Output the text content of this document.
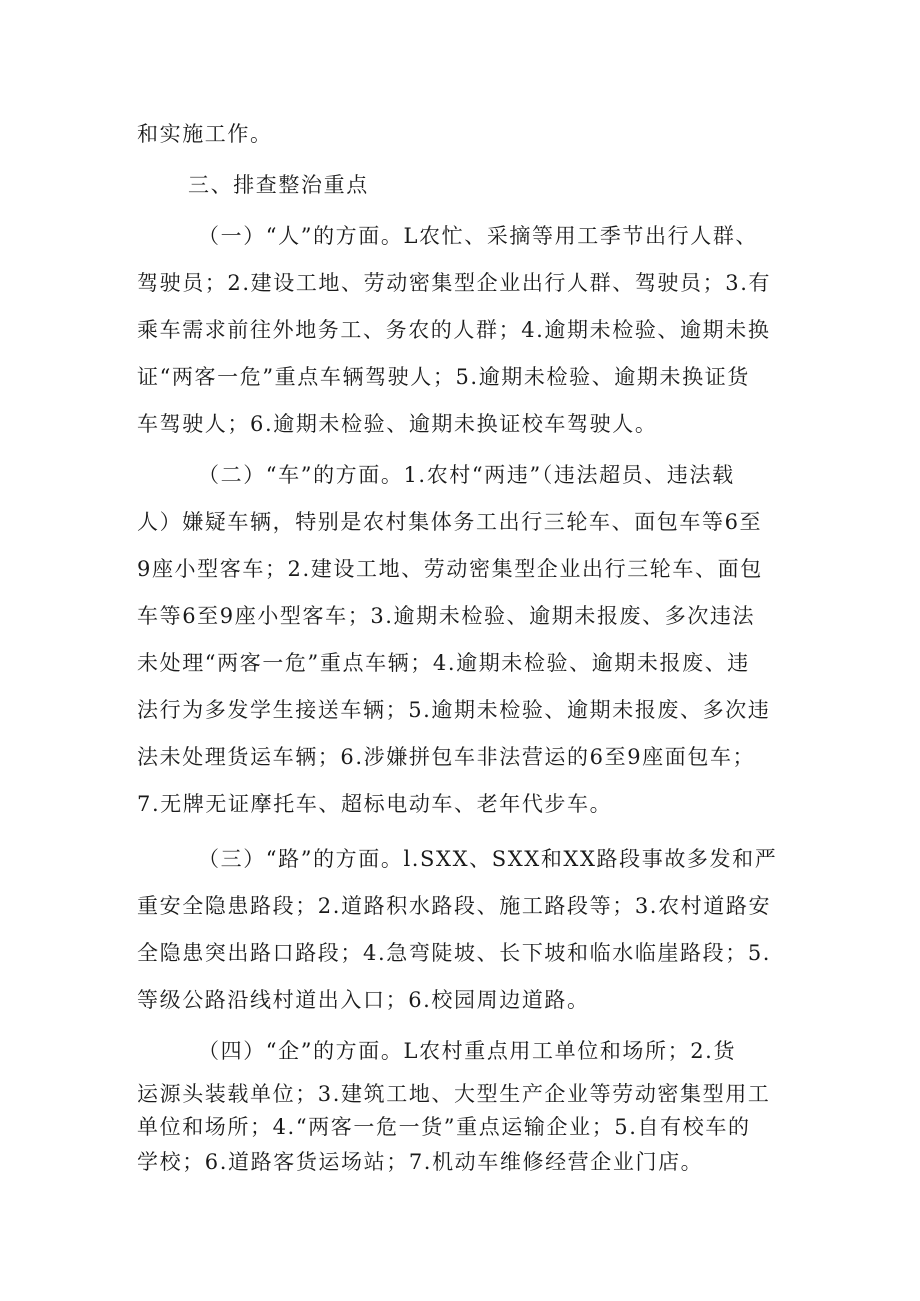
和实施工作。
三、排查整治重点
（一）“人”的方面。L农忙、采摘等用工季节出行人群、
驾驶员；2.建设工地、劳动密集型企业出行人群、驾驶员；3.有
乘车需求前往外地务工、务农的人群；4.逾期未检验、逾期未换
证“两客一危”重点车辆驾驶人；5.逾期未检验、逾期未换证货
车驾驶人；6.逾期未检验、逾期未换证校车驾驶人。
（二）“车”的方面。1.农村“两违”（违法超员、违法载
人）嫌疑车辆，特别是农村集体务工出行三轮车、面包车等6至
9座小型客车；2.建设工地、劳动密集型企业出行三轮车、面包
车等6至9座小型客车；3.逾期未检验、逾期未报废、多次违法
未处理“两客一危”重点车辆；4.逾期未检验、逾期未报废、违
法行为多发学生接送车辆；5.逾期未检验、逾期未报废、多次违
法未处理货运车辆；6.涉嫌拼包车非法营运的6至9座面包车；
7.无牌无证摩托车、超标电动车、老年代步车。
（三）“路”的方面。l.SXX、SXX和XX路段事故多发和严
重安全隐患路段；2.道路积水路段、施工路段等；3.农村道路安
全隐患突出路口路段；4.急弯陡坡、长下坡和临水临崖路段；5.
等级公路沿线村道出入口；6.校园周边道路。
（四）“企”的方面。L农村重点用工单位和场所；2.货
运源头装载单位；3.建筑工地、大型生产企业等劳动密集型用工
单位和场所；4.“两客一危一货”重点运输企业；5.自有校车的
学校；6.道路客货运场站；7.机动车维修经营企业门店。
